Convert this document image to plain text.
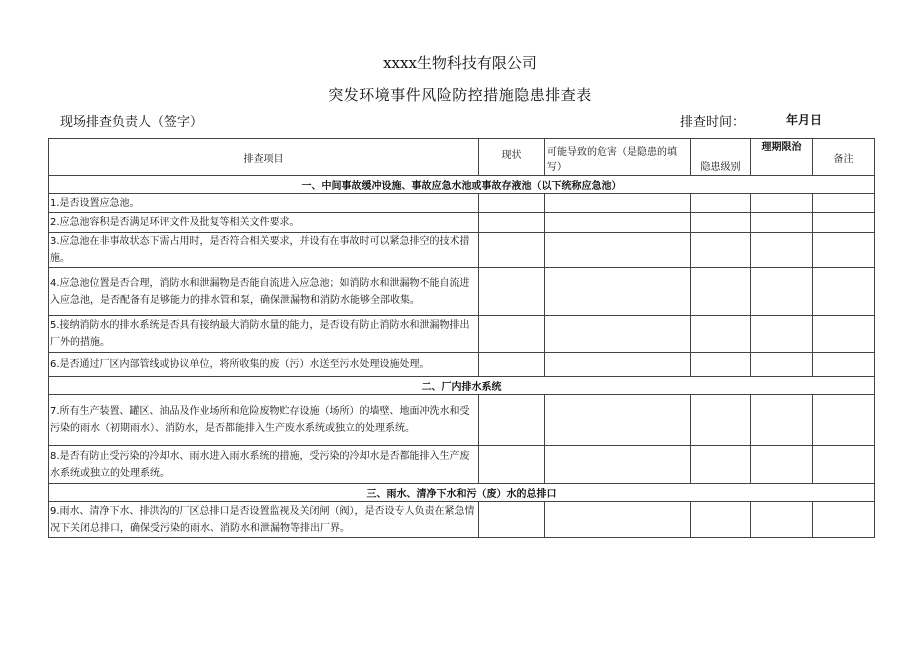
xxxx生物科技有限公司
突发环境事件风险防控措施隐患排查表
现场排查负责人（签字）	排查时间：	年月日
排查项目	现状	可能导致的危害（是隐患的填写）	隐患级别	理期限治	备注
一、中间事故缓冲设施、事故应急水池或事故存液池（以下统称应急池）					
1.是否设置应急池。					
2.应急池容积是否满足环评文件及批复等相关文件要求。					
3.应急池在非事故状态下需占用时，是否符合相关要求，并设有在事故时可以紧急排空的技术措施。					
4.应急池位置是否合理，消防水和泄漏物是否能自流进入应急池；如消防水和泄漏物不能自流进入应急池，是否配备有足够能力的排水管和泵，确保泄漏物和消防水能够全部收集。					
5.接纳消防水的排水系统是否具有接纳最大消防水量的能力，是否设有防止消防水和泄漏物排出厂外的措施。					
6.是否通过厂区内部管线或协议单位，将所收集的废（污）水送至污水处理设施处理。					
二、厂内排水系统					
7.所有生产装置、罐区、油品及作业场所和危险废物贮存设施（场所）的墙壁、地面冲洗水和受污染的雨水（初期雨水）、消防水，是否都能排入生产废水系统或独立的处理系统。					
8.是否有防止受污染的冷却水、雨水进入雨水系统的措施，受污染的冷却水是否都能排入生产废水系统或独立的处理系统。					
三、雨水、清净下水和污（废）水的总排口					
9.雨水、清净下水、排洪沟的厂区总排口是否设置监视及关闭闸（阀），是否设专人负责在紧急情况下关闭总排口，确保受污染的雨水、消防水和泄漏物等排出厂界。					
